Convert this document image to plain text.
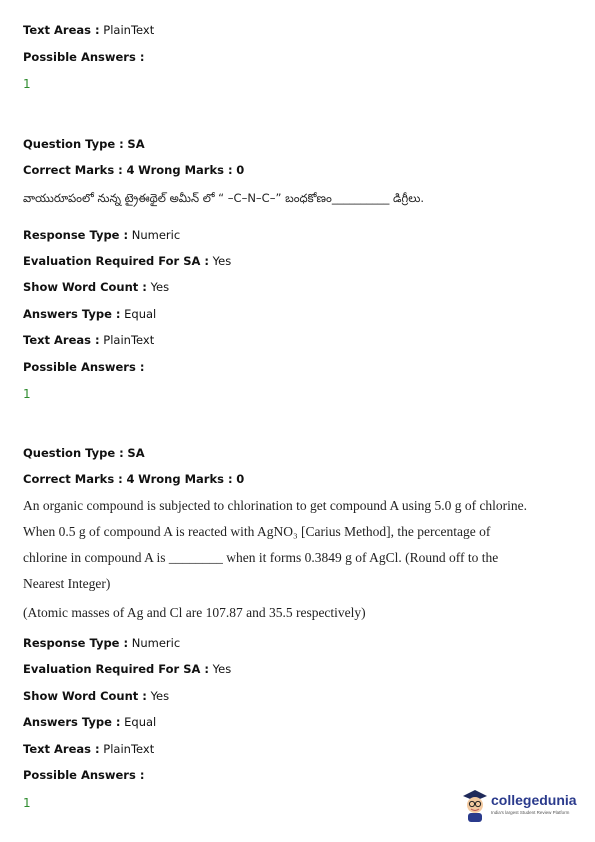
Text Areas : PlainText
Possible Answers :
1
Question Type : SA
Correct Marks : 4 Wrong Marks : 0
వాయురూపంలో నున్న ట్రైఈథైల్ అమీన్ లో “ –C–N–C–” బంధకోణం__________ డిగ్రీలు.
Response Type : Numeric
Evaluation Required For SA : Yes
Show Word Count : Yes
Answers Type : Equal
Text Areas : PlainText
Possible Answers :
1
Question Type : SA
Correct Marks : 4 Wrong Marks : 0
An organic compound is subjected to chlorination to get compound A using 5.0 g of chlorine.
When 0.5 g of compound A is reacted with AgNO₃ [Carius Method], the percentage of
chlorine in compound A is ________ when it forms 0.3849 g of AgCl. (Round off to the
Nearest Integer)
(Atomic masses of Ag and Cl are 107.87 and 35.5 respectively)
Response Type : Numeric
Evaluation Required For SA : Yes
Show Word Count : Yes
Answers Type : Equal
Text Areas : PlainText
Possible Answers :
1	collegedunia
India's largest Student Review Platform
